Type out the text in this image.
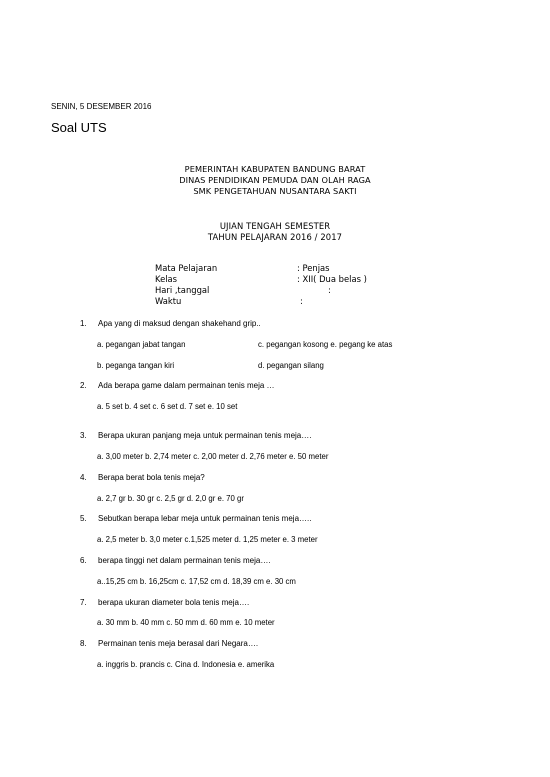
SENIN, 5 DESEMBER 2016
Soal UTS
PEMERINTAH KABUPATEN BANDUNG BARAT
DINAS PENDIDIKAN PEMUDA DAN OLAH RAGA
SMK PENGETAHUAN NUSANTARA SAKTI
UJIAN TENGAH SEMESTER
TAHUN PELAJARAN 2016 / 2017
Mata Pelajaran	: Penjas
Kelas	: XII( Dua belas )
Hari ,tanggal	:
Waktu	:
1. Apa yang di maksud dengan shakehand grip..
a. pegangan jabat tangan	c. pegangan kosong e. pegang ke atas
b. peganga tangan kiri	d. pegangan silang
2. Ada berapa game dalam permainan tenis meja …
a. 5 set b. 4 set c. 6 set d. 7 set e. 10 set
3. Berapa ukuran panjang meja untuk permainan tenis meja….
a. 3,00 meter b. 2,74 meter c. 2,00 meter d. 2,76 meter e. 50 meter
4. Berapa berat bola tenis meja?
a. 2,7 gr b. 30 gr c. 2,5 gr d. 2,0 gr e. 70 gr
5. Sebutkan berapa lebar meja untuk permainan tenis meja…..
a. 2,5 meter b. 3,0 meter c.1,525 meter d. 1,25 meter e. 3 meter
6. berapa tinggi net dalam permainan tenis meja….
a..15,25 cm b. 16,25cm c. 17,52 cm d. 18,39 cm e. 30 cm
7. berapa ukuran diameter bola tenis meja….
a. 30 mm b. 40 mm c. 50 mm d. 60 mm e. 10 meter
8. Permainan tenis meja berasal dari Negara….
a. inggris b. prancis c. Cina d. Indonesia e. amerika
